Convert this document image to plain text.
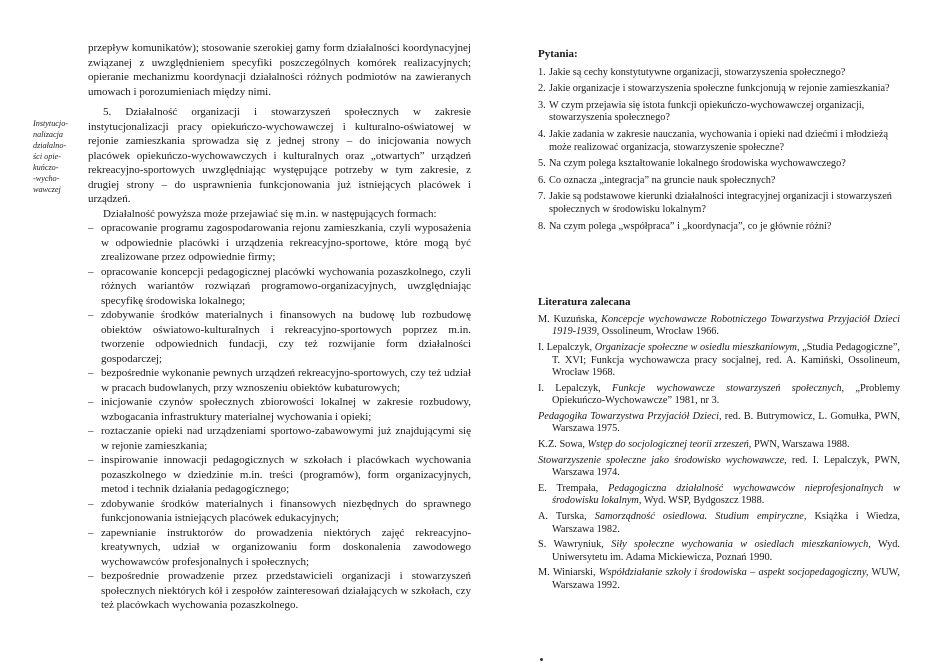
Instytucjo-
nalizacja
działalno-
ści opie-
kuńczo-
-wycho-
wawczej

przepływ komunikatów); stosowanie szerokiej gamy form działalności koordynacyjnej związanej z uwzględnieniem specyfiki poszczególnych komórek realizacyjnych; opieranie mechanizmu koordynacji działalności różnych podmiotów na zawieranych umowach i porozumieniach między nimi.

5. Działalność organizacji i stowarzyszeń społecznych w zakresie instytucjonalizacji pracy opiekuńczo-wychowawczej i kulturalno-oświatowej w rejonie zamieszkania sprowadza się z jednej strony – do inicjowania nowych placówek opiekuńczo-wychowawczych i kulturalnych oraz „otwartych” urządzeń rekreacyjno-sportowych uwzględniając występujące potrzeby w tym zakresie, z drugiej strony – do usprawnienia funkcjonowania już istniejących placówek i urządzeń.

Działalność powyższa może przejawiać się m.in. w następujących formach:

– opracowanie programu zagospodarowania rejonu zamieszkania, czyli wyposażenia w odpowiednie placówki i urządzenia rekreacyjno-sportowe, które mogą być zrealizowane przez odpowiednie firmy;
– opracowanie koncepcji pedagogicznej placówki wychowania pozaszkolnego, czyli różnych wariantów rozwiązań programowo-organizacyjnych, uwzględniając specyfikę środowiska lokalnego;
– zdobywanie środków materialnych i finansowych na budowę lub rozbudowę obiektów oświatowo-kulturalnych i rekreacyjno-sportowych poprzez m.in. tworzenie odpowiednich fundacji, czy też rozwijanie form działalności gospodarczej;
– bezpośrednie wykonanie pewnych urządzeń rekreacyjno-sportowych, czy też udział w pracach budowlanych, przy wznoszeniu obiektów kubaturowych;
– inicjowanie czynów społecznych zbiorowości lokalnej w zakresie rozbudowy, wzbogacania infrastruktury materialnej wychowania i opieki;
– roztaczanie opieki nad urządzeniami sportowo-zabawowymi już znajdującymi się w rejonie zamieszkania;
– inspirowanie innowacji pedagogicznych w szkołach i placówkach wychowania pozaszkolnego w dziedzinie m.in. treści (programów), form organizacyjnych, metod i technik działania pedagogicznego;
– zdobywanie środków materialnych i finansowych niezbędnych do sprawnego funkcjonowania istniejących placówek edukacyjnych;
– zapewnianie instruktorów do prowadzenia niektórych zajęć rekreacyjno-kreatywnych, udział w organizowaniu form doskonalenia zawodowego wychowawców profesjonalnych i społecznych;
– bezpośrednie prowadzenie przez przedstawicieli organizacji i stowarzyszeń społecznych niektórych kół i zespołów zainteresowań działających w szkołach, czy też placówkach wychowania pozaszkolnego.

Pytania:

1. Jakie są cechy konstytutywne organizacji, stowarzyszenia społecznego?
2. Jakie organizacje i stowarzyszenia społeczne funkcjonują w rejonie zamieszkania?
3. W czym przejawia się istota funkcji opiekuńczo-wychowawczej organizacji, stowarzyszenia społecznego?
4. Jakie zadania w zakresie nauczania, wychowania i opieki nad dziećmi i młodzieżą może realizować organizacja, stowarzyszenie społeczne?
5. Na czym polega kształtowanie lokalnego środowiska wychowawczego?
6. Co oznacza „integracja” na gruncie nauk społecznych?
7. Jakie są podstawowe kierunki działalności integracyjnej organizacji i stowarzyszeń społecznych w środowisku lokalnym?
8. Na czym polega „współpraca” i „koordynacja”, co je głównie różni?

Literatura zalecana

M. Kuzuńska, Koncepcje wychowawcze Robotniczego Towarzystwa Przyjaciół Dzieci 1919-1939, Ossolineum, Wrocław 1966.
I. Lepalczyk, Organizacje społeczne w osiedlu mieszkaniowym, „Studia Pedagogiczne”, T. XVI; Funkcja wychowawcza pracy socjalnej, red. A. Kamiński, Ossolineum, Wrocław 1968.
I. Lepalczyk, Funkcje wychowawcze stowarzyszeń społecznych, „Problemy Opiekuńczo-Wychowawcze” 1981, nr 3.
Pedagogika Towarzystwa Przyjaciół Dzieci, red. B. Butrymowicz, L. Gomułka, PWN, Warszawa 1975.
K.Z. Sowa, Wstęp do socjologicznej teorii zrzeszeń, PWN, Warszawa 1988.
Stowarzyszenie społeczne jako środowisko wychowawcze, red. I. Lepalczyk, PWN, Warszawa 1974.
E. Trempała, Pedagogiczna działalność wychowawców nieprofesjonalnych w środowisku lokalnym, Wyd. WSP, Bydgoszcz 1988.
A. Turska, Samorządność osiedlowa. Studium empiryczne, Książka i Wiedza, Warszawa 1982.
S. Wawryniuk, Siły społeczne wychowania w osiedlach mieszkaniowych, Wyd. Uniwersytetu im. Adama Mickiewicza, Poznań 1990.
M. Winiarski, Współdziałanie szkoły i środowiska – aspekt socjopedagogiczny, WUW, Warszawa 1992.
